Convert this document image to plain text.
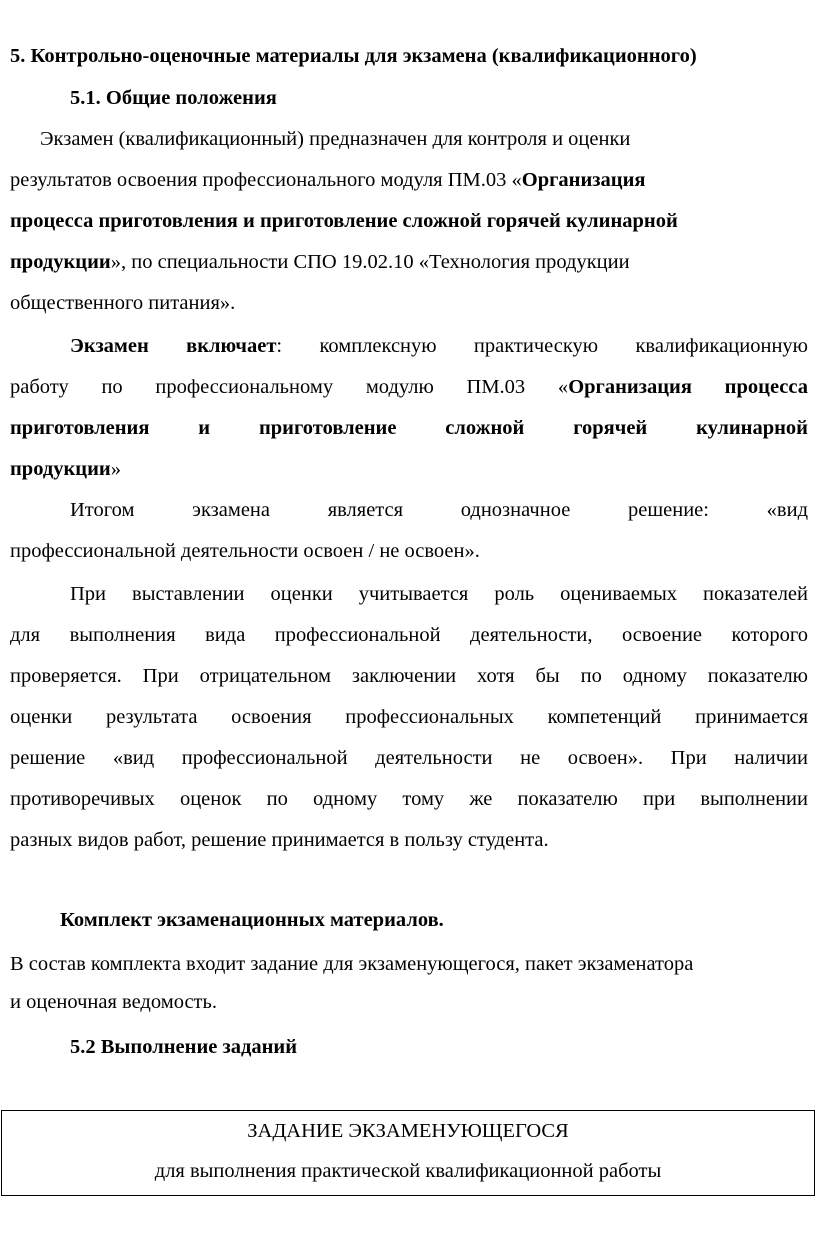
5. Контрольно-оценочные материалы для экзамена (квалификационного)
5.1. Общие положения
Экзамен (квалификационный) предназначен для контроля и оценки
результатов освоения профессионального модуля ПМ.03 «Организация
процесса приготовления и приготовление сложной горячей кулинарной
продукции», по специальности СПО 19.02.10 «Технология продукции
общественного питания».
Экзамен включает: комплексную практическую квалификационную
работу по профессиональному модулю ПМ.03 «Организация процесса
приготовления и приготовление сложной горячей кулинарной
продукции»
Итогом экзамена является однозначное решение: «вид
профессиональной деятельности освоен / не освоен».
При выставлении оценки учитывается роль оцениваемых показателей
для выполнения вида профессиональной деятельности, освоение которого
проверяется. При отрицательном заключении хотя бы по одному показателю
оценки результата освоения профессиональных компетенций принимается
решение «вид профессиональной деятельности не освоен». При наличии
противоречивых оценок по одному тому же показателю при выполнении
разных видов работ, решение принимается в пользу студента.
Комплект экзаменационных материалов.
В состав комплекта входит задание для экзаменующегося, пакет экзаменатора
и оценочная ведомость.
5.2 Выполнение заданий
ЗАДАНИЕ ЭКЗАМЕНУЮЩЕГОСЯ
для выполнения практической квалификационной работы
